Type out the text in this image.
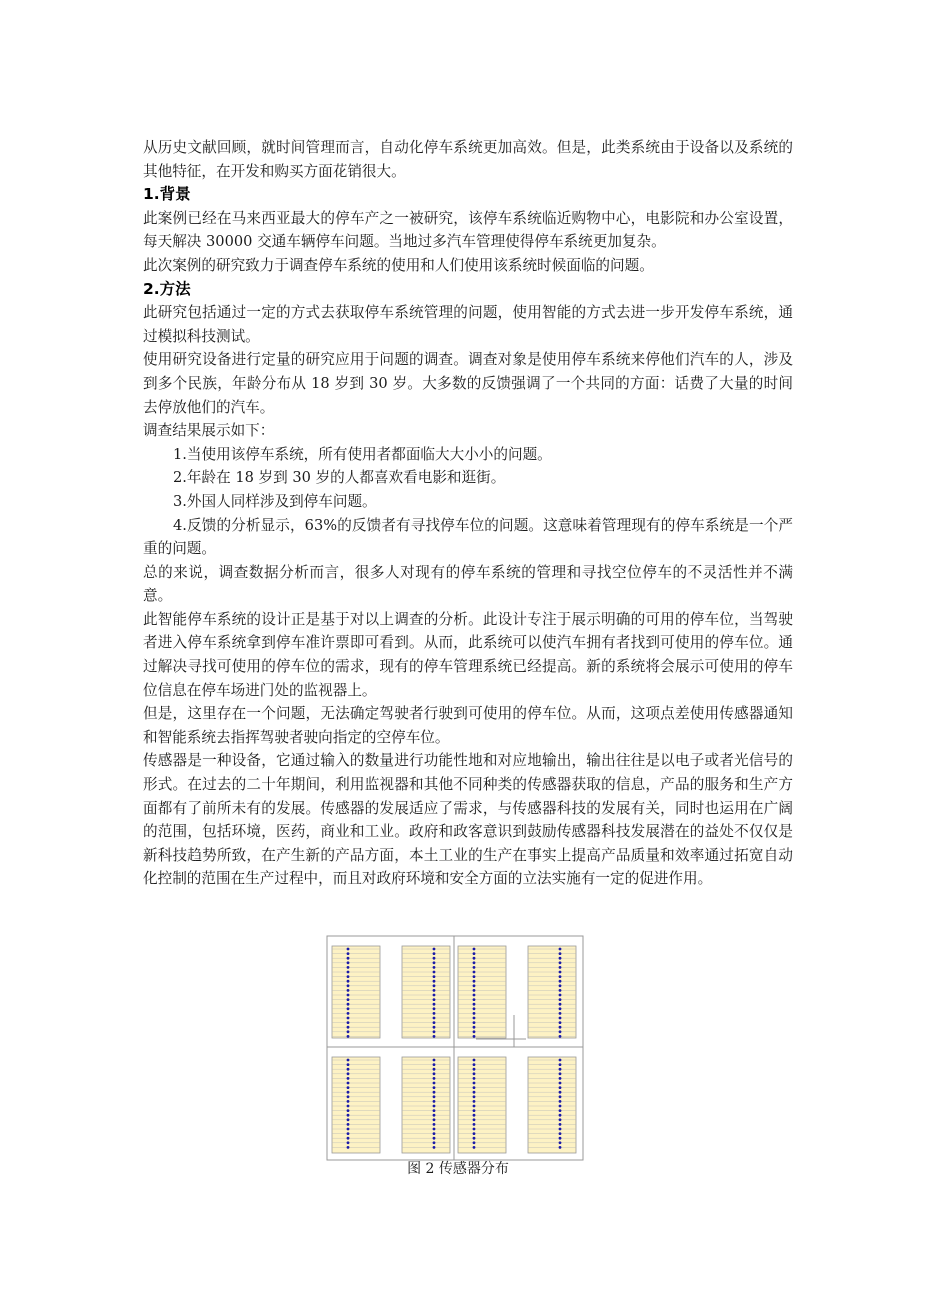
从历史文献回顾，就时间管理而言，自动化停车系统更加高效。但是，此类系统由于设备以及系统的其他特征，在开发和购买方面花销很大。

1.背景

此案例已经在马来西亚最大的停车产之一被研究，该停车系统临近购物中心，电影院和办公室设置，每天解决 30000 交通车辆停车问题。当地过多汽车管理使得停车系统更加复杂。

此次案例的研究致力于调查停车系统的使用和人们使用该系统时候面临的问题。

2.方法

此研究包括通过一定的方式去获取停车系统管理的问题，使用智能的方式去进一步开发停车系统，通过模拟科技测试。

使用研究设备进行定量的研究应用于问题的调查。调查对象是使用停车系统来停他们汽车的人，涉及到多个民族，年龄分布从 18 岁到 30 岁。大多数的反馈强调了一个共同的方面：话费了大量的时间去停放他们的汽车。

调查结果展示如下：

1.当使用该停车系统，所有使用者都面临大大小小的问题。

2.年龄在 18 岁到 30 岁的人都喜欢看电影和逛街。

3.外国人同样涉及到停车问题。

4.反馈的分析显示，63%的反馈者有寻找停车位的问题。这意味着管理现有的停车系统是一个严重的问题。

总的来说，调查数据分析而言，很多人对现有的停车系统的管理和寻找空位停车的不灵活性并不满意。

此智能停车系统的设计正是基于对以上调查的分析。此设计专注于展示明确的可用的停车位，当驾驶者进入停车系统拿到停车准许票即可看到。从而，此系统可以使汽车拥有者找到可使用的停车位。通过解决寻找可使用的停车位的需求，现有的停车管理系统已经提高。新的系统将会展示可使用的停车位信息在停车场进门处的监视器上。

但是，这里存在一个问题，无法确定驾驶者行驶到可使用的停车位。从而，这项点差使用传感器通知和智能系统去指挥驾驶者驶向指定的空停车位。

传感器是一种设备，它通过输入的数量进行功能性地和对应地输出，输出往往是以电子或者光信号的形式。在过去的二十年期间，利用监视器和其他不同种类的传感器获取的信息，产品的服务和生产方面都有了前所未有的发展。传感器的发展适应了需求，与传感器科技的发展有关，同时也运用在广阔的范围，包括环境，医药，商业和工业。政府和政客意识到鼓励传感器科技发展潜在的益处不仅仅是新科技趋势所致，在产生新的产品方面，本土工业的生产在事实上提高产品质量和效率通过拓宽自动化控制的范围在生产过程中，而且对政府环境和安全方面的立法实施有一定的促进作用。

图 2 传感器分布
